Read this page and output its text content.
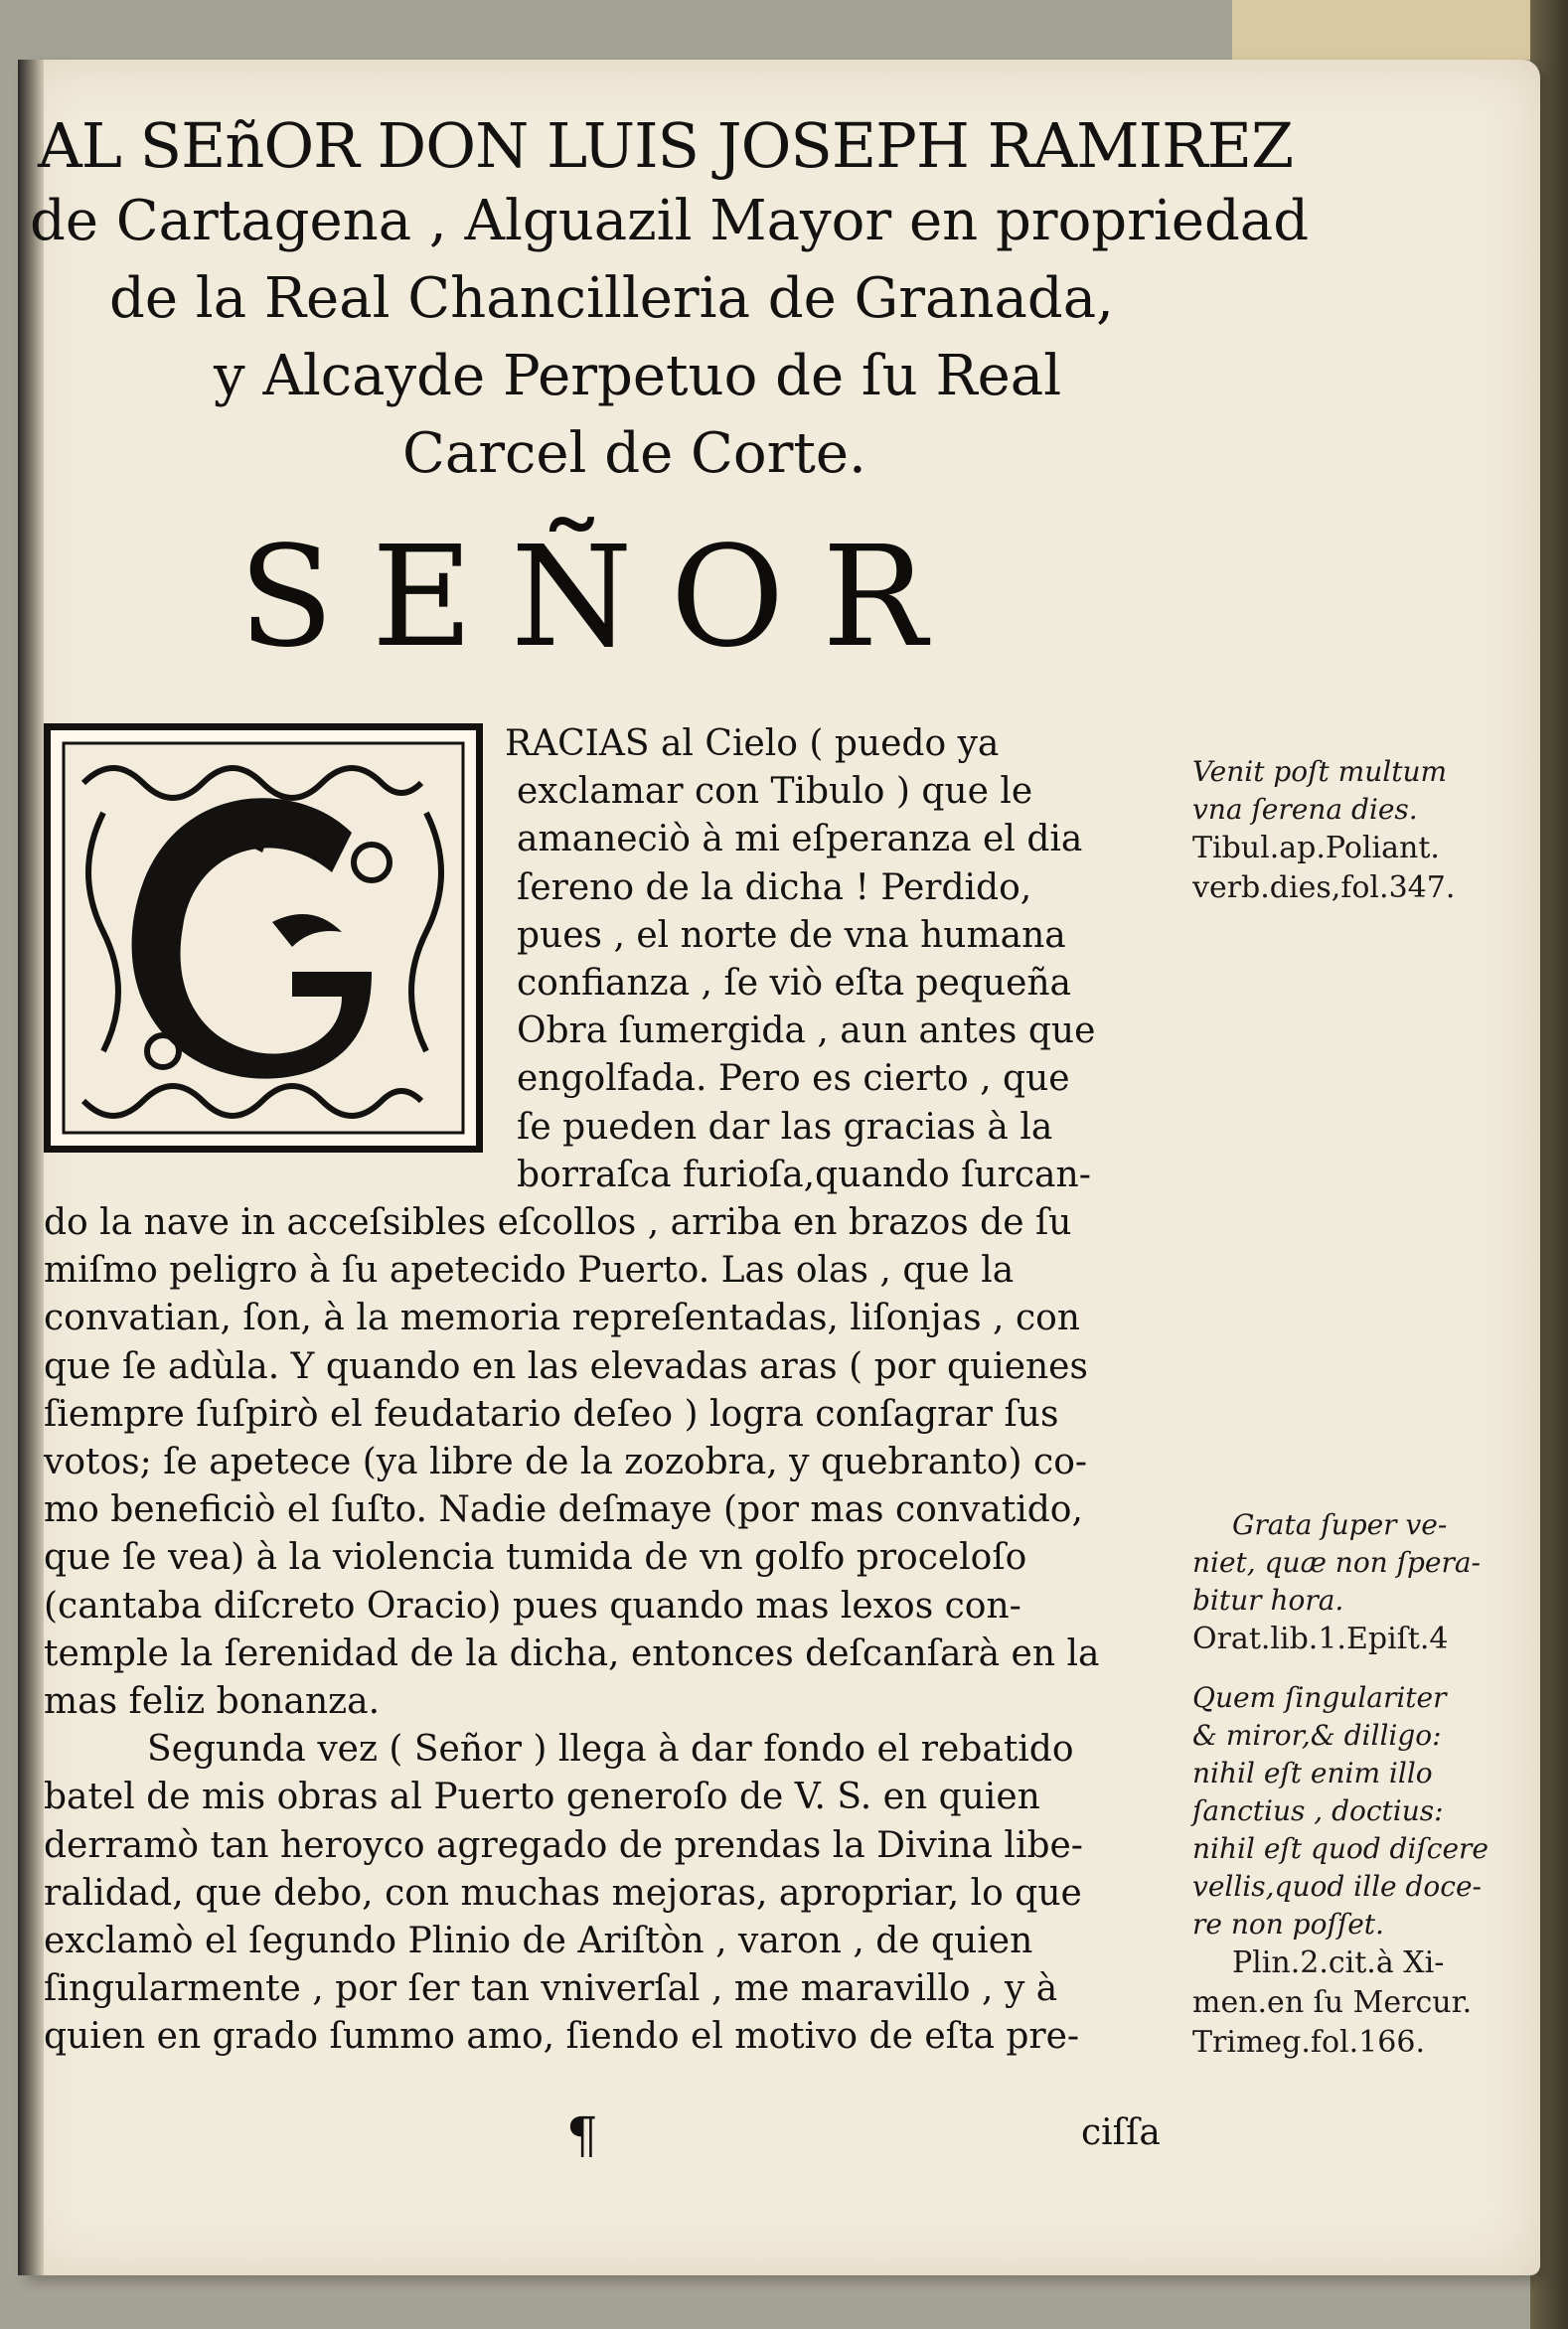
AL SEñOR DON LUIS JOSEPH RAMIREZ
de Cartagena , Alguazil Mayor en propriedad
de la Real Chancilleria de Granada,
y Alcayde Perpetuo de ſu Real
Carcel de Corte.
SEÑOR
RACIAS al Cielo ( puedo ya
exclamar con Tibulo ) que le
amaneciò à mi eſperanza el dia
ſereno de la dicha ! Perdido,
pues , el norte de vna humana
confianza , ſe viò eſta pequeña
Obra ſumergida , aun antes que
engolfada. Pero es cierto , que
ſe pueden dar las gracias à la
borraſca furioſa,quando ſurcan-
do la nave in acceſsibles eſcollos , arriba en brazos de ſu
miſmo peligro à ſu apetecido Puerto. Las olas , que la
convatian, ſon, à la memoria repreſentadas, liſonjas , con
que ſe adùla. Y quando en las elevadas aras ( por quienes
ſiempre ſuſpirò el feudatario deſeo ) logra conſagrar ſus
votos; ſe apetece (ya libre de la zozobra, y quebranto) co-
mo beneficiò el ſuſto. Nadie deſmaye (por mas convatido,
que ſe vea) à la violencia tumida de vn golfo proceloſo
(cantaba diſcreto Oracio) pues quando mas lexos con-
temple la ſerenidad de la dicha, entonces deſcanſarà en la
mas feliz bonanza.
Segunda vez ( Señor ) llega à dar fondo el rebatido
batel de mis obras al Puerto generoſo de V. S. en quien
derramò tan heroyco agregado de prendas la Divina libe-
ralidad, que debo, con muchas mejoras, apropriar, lo que
exclamò el ſegundo Plinio de Ariſtòn , varon , de quien
ſingularmente , por ſer tan vniverſal , me maravillo , y à
quien en grado ſummo amo, ſiendo el motivo de eſta pre-
Venit poſt multum
vna ſerena dies.
Tibul.ap.Poliant.
verb.dies,fol.347.
Grata ſuper ve-
niet, quæ non ſpera-
bitur hora.
Orat.lib.1.Epiſt.4
Quem ſingulariter
& miror,& dilligo:
nihil eſt enim illo
ſanctius , doctius:
nihil eſt quod diſcere
vellis,quod ille doce-
re non poſſet.
Plin.2.cit.à Xi-
men.en ſu Mercur.
Trimeg.fol.166.
¶	ciſſa
